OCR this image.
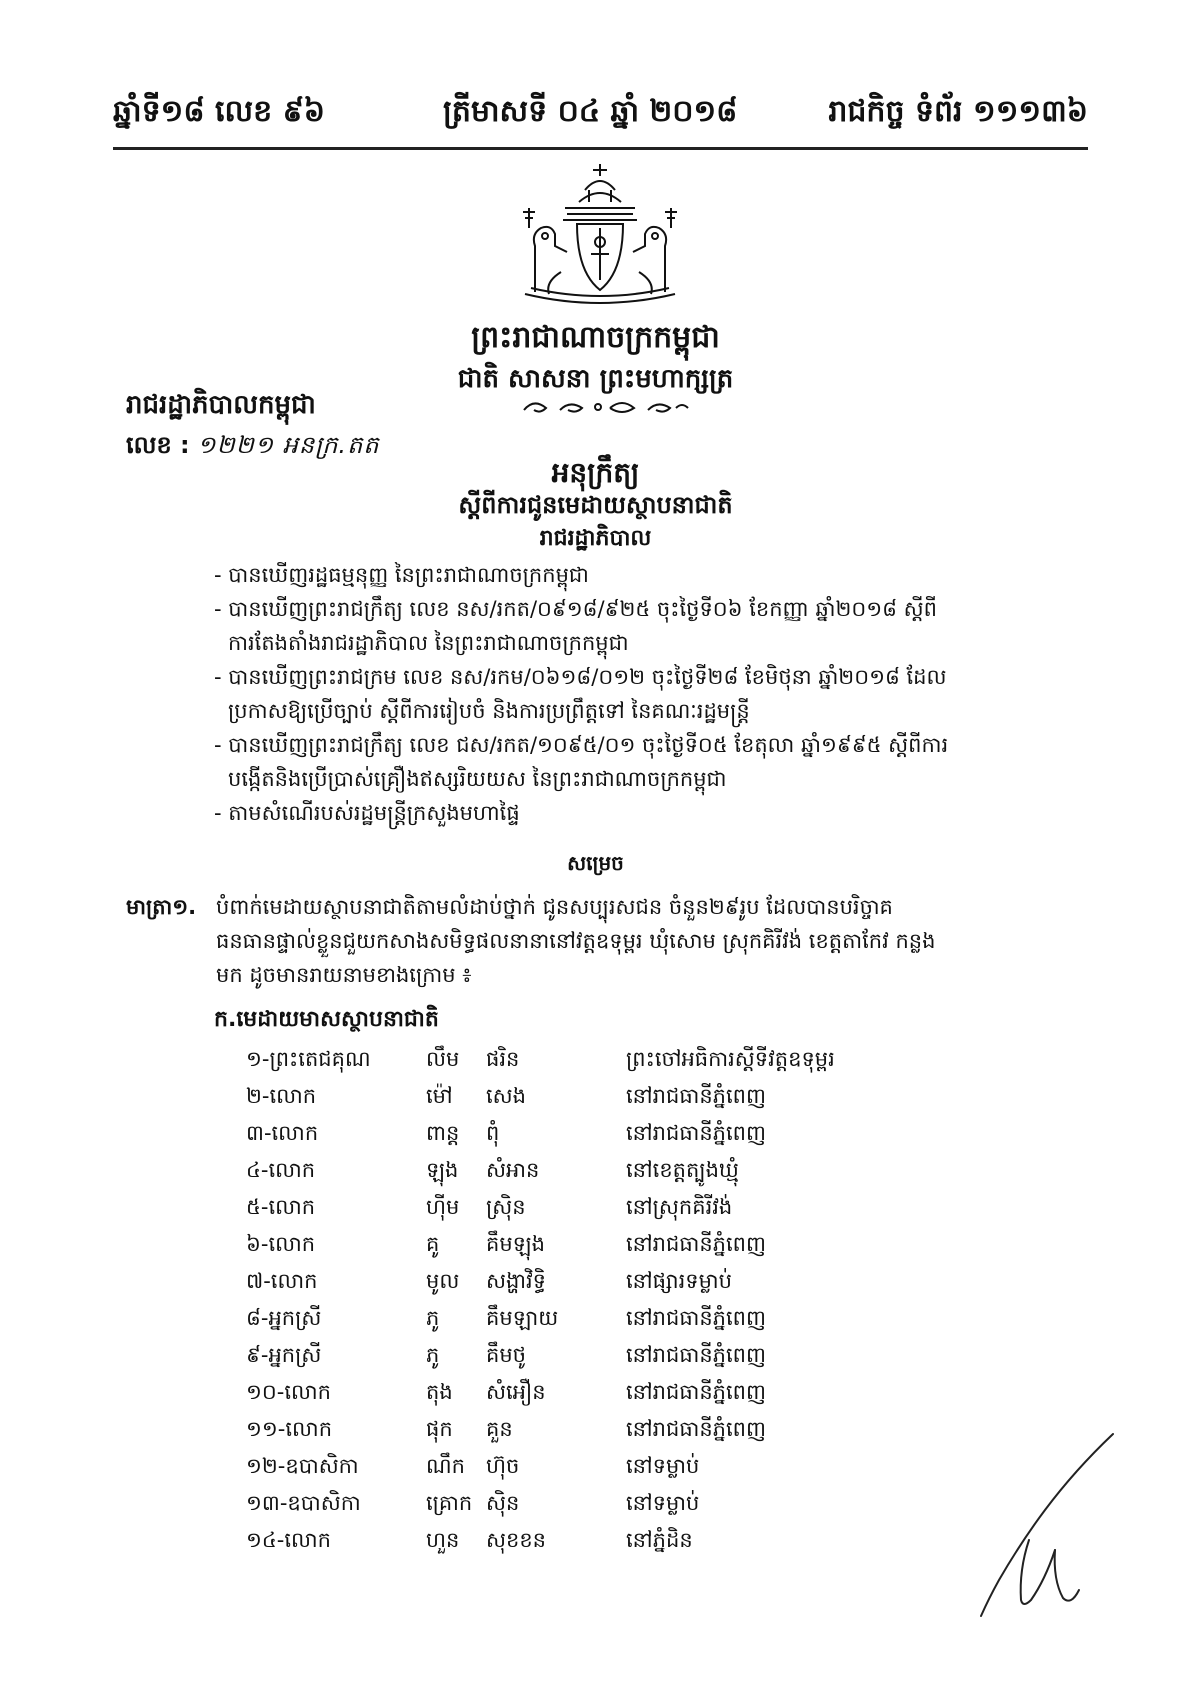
ឆ្នាំទី១៨ លេខ ៩៦	ត្រីមាសទី ០៤ ឆ្នាំ ២០១៨	រាជកិច្ច ទំព័រ ១១១៣៦
ព្រះរាជាណាចក្រកម្ពុជា
ជាតិ សាសនា ព្រះមហាក្សត្រ
រាជរដ្ឋាភិបាលកម្ពុជា
លេខ : ១២២១ អនក្រ.តត
អនុក្រឹត្យ
ស្តីពីការជូនមេដាយស្ថាបនាជាតិ
រាជរដ្ឋាភិបាល
- បានឃើញរដ្ឋធម្មនុញ្ញ នៃព្រះរាជាណាចក្រកម្ពុជា
- បានឃើញព្រះរាជក្រឹត្យ លេខ នស/រកត/០៩១៨/៩២៥ ចុះថ្ងៃទី០៦ ខែកញ្ញា ឆ្នាំ២០១៨ ស្តីពី
ការតែងតាំងរាជរដ្ឋាភិបាល នៃព្រះរាជាណាចក្រកម្ពុជា
- បានឃើញព្រះរាជក្រម លេខ នស/រកម/០៦១៨/០១២ ចុះថ្ងៃទី២៨ ខែមិថុនា ឆ្នាំ២០១៨ ដែល
ប្រកាសឱ្យប្រើច្បាប់ ស្តីពីការរៀបចំ និងការប្រព្រឹត្តទៅ នៃគណៈរដ្ឋមន្ត្រី
- បានឃើញព្រះរាជក្រឹត្យ លេខ ជស/រកត/១០៩៥/០១ ចុះថ្ងៃទី០៥ ខែតុលា ឆ្នាំ១៩៩៥ ស្តីពីការ
បង្កើតនិងប្រើប្រាស់គ្រឿងឥស្សរិយយស នៃព្រះរាជាណាចក្រកម្ពុជា
- តាមសំណើរបស់រដ្ឋមន្ត្រីក្រសួងមហាផ្ទៃ
សម្រេច
មាត្រា១. បំពាក់មេដាយស្ថាបនាជាតិតាមលំដាប់ថ្នាក់ ជូនសប្បុរសជន ចំនួន២៩រូប ដែលបានបរិច្ចាគ
ធនធានផ្ទាល់ខ្លួនជួយកសាងសមិទ្ធផលនានានៅវត្តឧទុម្ពរ ឃុំសោម ស្រុកគិរីវង់ ខេត្តតាកែវ កន្លង
មក ដូចមានរាយនាមខាងក្រោម ៖
ក.មេដាយមាសស្ថាបនាជាតិ
១-ព្រះតេជគុណ	លឹម ផរិន	ព្រះចៅអធិការស្តីទីវត្តឧទុម្ពរ
២-លោក	ម៉ៅ សេង	នៅរាជធានីភ្នំពេញ
៣-លោក	ពាន្ត ពុំ	នៅរាជធានីភ្នំពេញ
៤-លោក	ឡុង សំអាន	នៅខេត្តត្បូងឃ្មុំ
៥-លោក	ហ៊ីម ស្រ៊ិន	នៅស្រុកគិរីវង់
៦-លោក	គូ គឹមឡុង	នៅរាជធានីភ្នំពេញ
៧-លោក	មូល សង្ហាវិទ្ធិ	នៅផ្សារទម្លាប់
៨-អ្នកស្រី	ភូ គឹមឡាយ	នៅរាជធានីភ្នំពេញ
៩-អ្នកស្រី	ភូ គឹមថូ	នៅរាជធានីភ្នំពេញ
១០-លោក	តុង សំអឿន	នៅរាជធានីភ្នំពេញ
១១-លោក	ផុក គួន	នៅរាជធានីភ្នំពេញ
១២-ឧបាសិកា	ណឹក ហ៊ុច	នៅទម្លាប់
១៣-ឧបាសិកា	គ្រោក ស៊ិន	នៅទម្លាប់
១៤-លោក	ហួន សុខខន	នៅភ្នំដិន
